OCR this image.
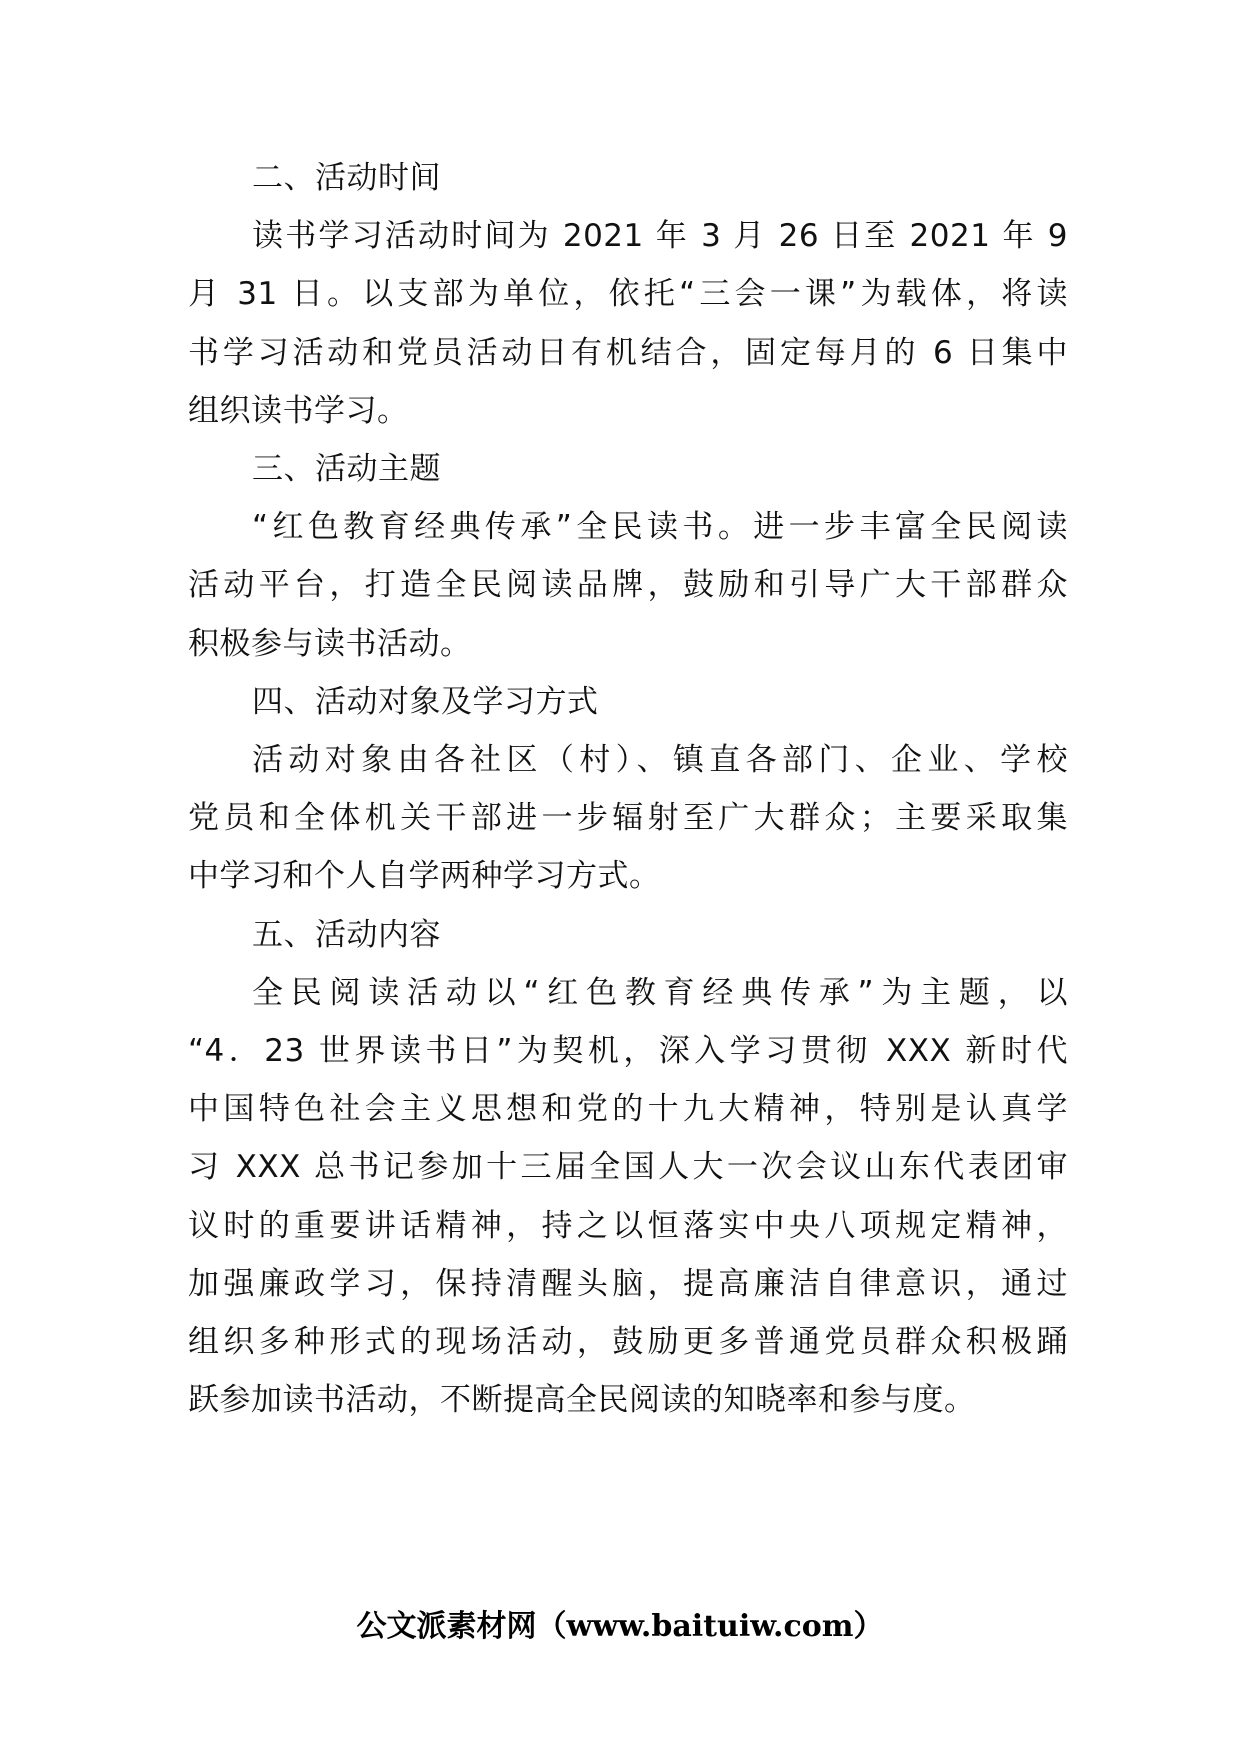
二、活动时间
读书学习活动时间为 2021 年 3 月 26 日至 2021 年 9
月 31 日。以支部为单位，依托“三会一课”为载体，将读
书学习活动和党员活动日有机结合，固定每月的 6 日集中
组织读书学习。
三、活动主题
“红色教育经典传承”全民读书。进一步丰富全民阅读
活动平台，打造全民阅读品牌，鼓励和引导广大干部群众
积极参与读书活动。
四、活动对象及学习方式
活动对象由各社区（村）、镇直各部门、企业、学校
党员和全体机关干部进一步辐射至广大群众；主要采取集
中学习和个人自学两种学习方式。
五、活动内容
全民阅读活动以“红色教育经典传承”为主题，以
“4．23 世界读书日”为契机，深入学习贯彻 XXX 新时代
中国特色社会主义思想和党的十九大精神，特别是认真学
习 XXX 总书记参加十三届全国人大一次会议山东代表团审
议时的重要讲话精神，持之以恒落实中央八项规定精神，
加强廉政学习，保持清醒头脑，提高廉洁自律意识，通过
组织多种形式的现场活动，鼓励更多普通党员群众积极踊
跃参加读书活动，不断提高全民阅读的知晓率和参与度。
公文派素材网（www.baituiw.com）
